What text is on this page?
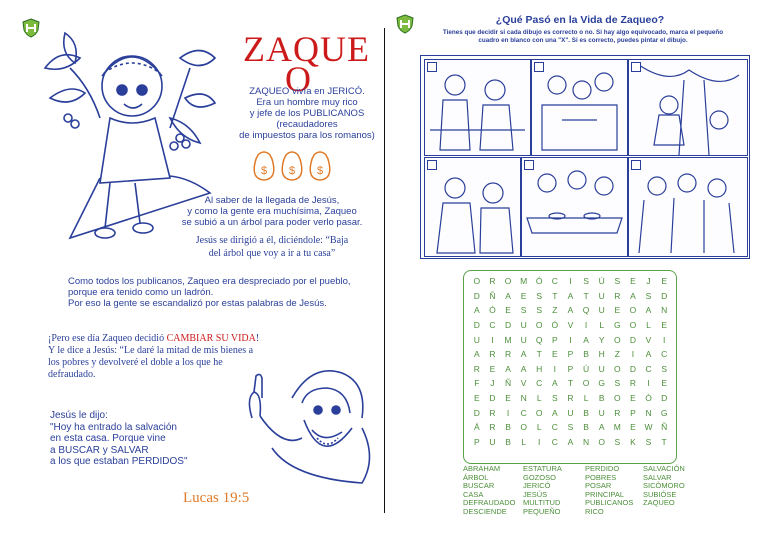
ZAQUE
O
ZAQUEO vivía en JERICÓ.
Era un hombre muy rico
y jefe de los PUBLICANOS
(recaudadores
de impuestos para los romanos)
$ $ $
Al saber de la llegada de Jesús,
y como la gente era muchísima, Zaqueo
se subió a un árbol para poder verlo pasar.
Jesús se dirigió a él, diciéndole: “Baja
del árbol que voy a ir a tu casa”
Como todos los publicanos, Zaqueo era despreciado por el pueblo,
porque era tenido como un ladrón.
Por eso la gente se escandalizó por estas palabras de Jesús.
¡Pero ese día Zaqueo decidió CAMBIAR SU VIDA!
Y le dice a Jesús: “Le daré la mitad de mis bienes a
los pobres y devolveré el doble a los que he
defraudado.
Jesús le dijo:
"Hoy ha entrado la salvación
en esta casa. Porque vine
a BUSCAR y SALVAR
a los que estaban PERDIDOS"
Lucas 19:5
¿Qué Pasó en la Vida de Zaqueo?
Tienes que decidir si cada dibujo es correcto o no. Si hay algo equivocado, marca el pequeño
cuadro en blanco con una "X". Si es correcto, puedes pintar el dibujo.
O	R	O	M	Ó	C	I	S	Ú	S	E	J	E
D	Ñ	A	E	S	T	A	T	U	R	A	S	D
A	Ó	E	S	S	Z	A	Q	U	E	O	A	N
D	C	D	U	O	Ó	V	I	L	G	O	L	E
U	I	M	U	Q	P	I	A	Y	O	D	V	I
A	R	R	A	T	E	P	B	H	Z	I	A	C
R	E	A	A	H	I	P	Ú	U	O	D	C	S
F	J	Ñ	V	C	A	T	O	G	S	R	I	E
E	D	E	N	L	S	R	L	B	O	E	Ó	D
D	R	I	C	O	A	U	B	U	R	P	N	G
Á	R	B	O	L	C	S	B	A	M	E	W	Ñ
P	U	B	L	I	C	A	N	O	S	K	S	T
ABRAHAM
ÁRBOL
BUSCAR
CASA
DEFRAUDADO
DESCIENDE
ESTATURA
GOZOSO
JERICÓ
JESÚS
MULTITUD
PEQUEÑO
PERDIDO
POBRES
POSAR
PRINCIPAL
PUBLICANOS
RICO
SALVACIÓN
SALVAR
SICÓMORO
SUBIÓSE
ZAQUEO
